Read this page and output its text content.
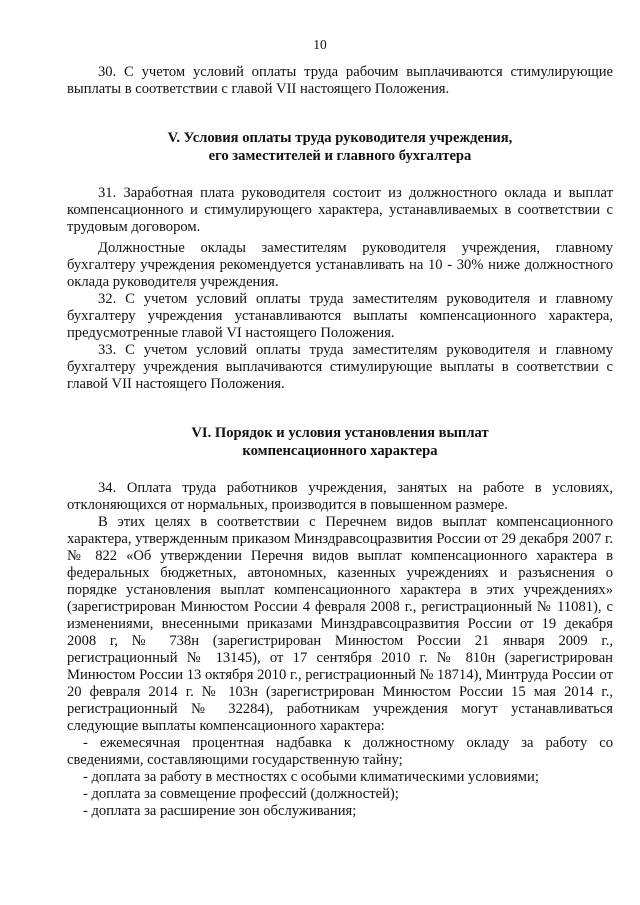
10

30. С учетом условий оплаты труда рабочим выплачиваются стимулирующие выплаты в соответствии с главой VII настоящего Положения.

V. Условия оплаты труда руководителя учреждения,
его заместителей и главного бухгалтера

31. Заработная плата руководителя состоит из должностного оклада и выплат компенсационного и стимулирующего характера, устанавливаемых в соответствии с трудовым договором.

Должностные оклады заместителям руководителя учреждения, главному бухгалтеру учреждения рекомендуется устанавливать на 10 - 30% ниже должностного оклада руководителя учреждения.

32. С учетом условий оплаты труда заместителям руководителя и главному бухгалтеру учреждения устанавливаются выплаты компенсационного характера, предусмотренные главой VI настоящего Положения.

33. С учетом условий оплаты труда заместителям руководителя и главному бухгалтеру учреждения выплачиваются стимулирующие выплаты в соответствии с главой VII настоящего Положения.

VI. Порядок и условия установления выплат
компенсационного характера

34. Оплата труда работников учреждения, занятых на работе в условиях, отклоняющихся от нормальных, производится в повышенном размере.

В этих целях в соответствии с Перечнем видов выплат компенсационного характера, утвержденным приказом Минздравсоцразвития России от 29 декабря 2007 г. № 822 «Об утверждении Перечня видов выплат компенсационного характера в федеральных бюджетных, автономных, казенных учреждениях и разъяснения о порядке установления выплат компенсационного характера в этих учреждениях» (зарегистрирован Минюстом России 4 февраля 2008 г., регистрационный № 11081), с изменениями, внесенными приказами Минздравсоцразвития России от 19 декабря 2008 г, № 738н (зарегистрирован Минюстом России 21 января 2009 г., регистрационный № 13145), от 17 сентября 2010 г. № 810н (зарегистрирован Минюстом России 13 октября 2010 г., регистрационный № 18714), Минтруда России от 20 февраля 2014 г. № 103н (зарегистрирован Минюстом России 15 мая 2014 г., регистрационный № 32284), работникам учреждения могут устанавливаться следующие выплаты компенсационного характера:

- ежемесячная процентная надбавка к должностному окладу за работу со сведениями, составляющими государственную тайну;

- доплата за работу в местностях с особыми климатическими условиями;

- доплата за совмещение профессий (должностей);

- доплата за расширение зон обслуживания;
